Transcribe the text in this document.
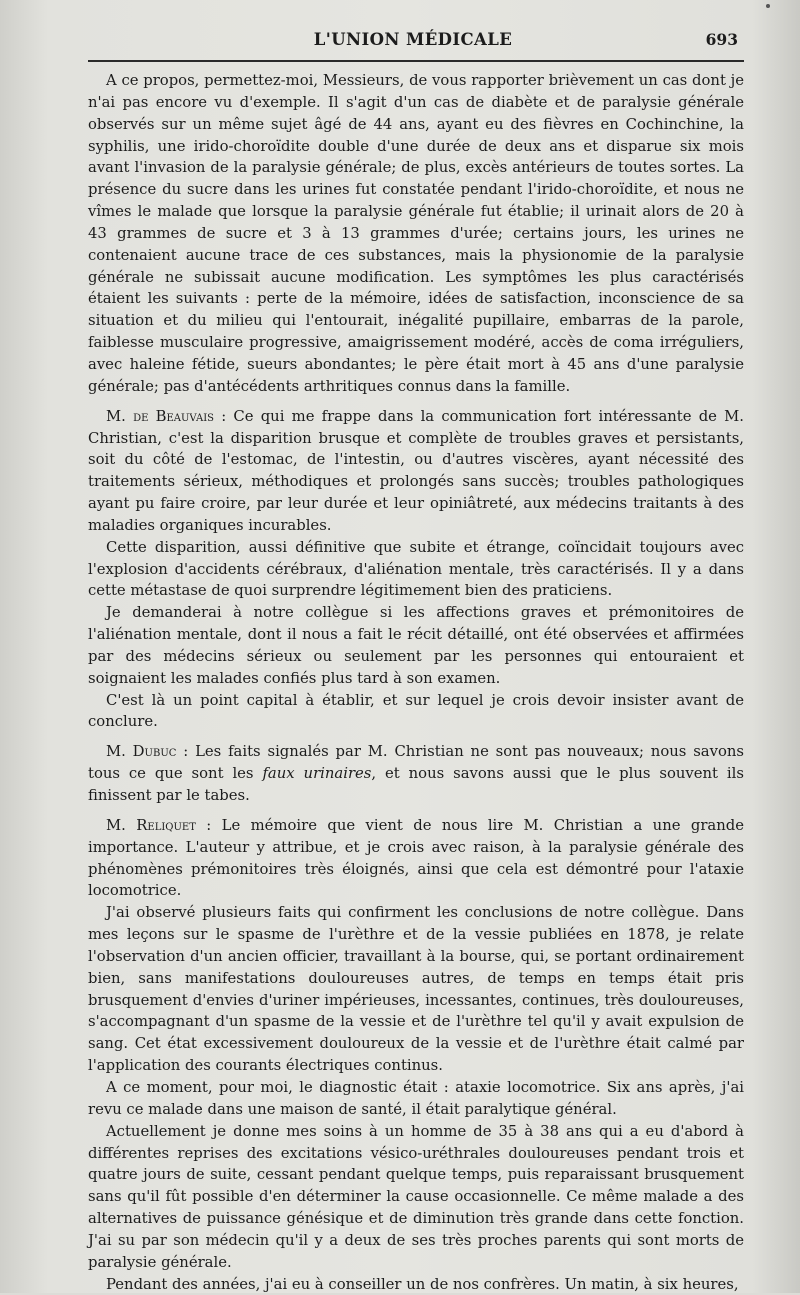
L'UNION MÉDICALE	693

A ce propos, permettez-moi, Messieurs, de vous rapporter brièvement un cas dont je n'ai pas encore vu d'exemple. Il s'agit d'un cas de diabète et de paralysie générale observés sur un même sujet âgé de 44 ans, ayant eu des fièvres en Cochinchine, la syphilis, une irido-choroïdite double d'une durée de deux ans et disparue six mois avant l'invasion de la paralysie générale; de plus, excès antérieurs de toutes sortes. La présence du sucre dans les urines fut constatée pendant l'irido-choroïdite, et nous ne vîmes le malade que lorsque la paralysie générale fut établie; il urinait alors de 20 à 43 grammes de sucre et 3 à 13 grammes d'urée; certains jours, les urines ne contenaient aucune trace de ces substances, mais la physionomie de la paralysie générale ne subissait aucune modification. Les symptômes les plus caractérisés étaient les suivants : perte de la mémoire, idées de satisfaction, inconscience de sa situation et du milieu qui l'entourait, inégalité pupillaire, embarras de la parole, faiblesse musculaire progressive, amaigrissement modéré, accès de coma irréguliers, avec haleine fétide, sueurs abondantes; le père était mort à 45 ans d'une paralysie générale; pas d'antécédents arthritiques connus dans la famille.

M. de Beauvais : Ce qui me frappe dans la communication fort intéressante de M. Christian, c'est la disparition brusque et complète de troubles graves et persistants, soit du côté de l'estomac, de l'intestin, ou d'autres viscères, ayant nécessité des traitements sérieux, méthodiques et prolongés sans succès; troubles pathologiques ayant pu faire croire, par leur durée et leur opiniâtreté, aux médecins traitants à des maladies organiques incurables.

Cette disparition, aussi définitive que subite et étrange, coïncidait toujours avec l'explosion d'accidents cérébraux, d'aliénation mentale, très caractérisés. Il y a dans cette métastase de quoi surprendre légitimement bien des praticiens.

Je demanderai à notre collègue si les affections graves et prémonitoires de l'aliénation mentale, dont il nous a fait le récit détaillé, ont été observées et affirmées par des médecins sérieux ou seulement par les personnes qui entouraient et soignaient les malades confiés plus tard à son examen.

C'est là un point capital à établir, et sur lequel je crois devoir insister avant de conclure.

M. Dubuc : Les faits signalés par M. Christian ne sont pas nouveaux; nous savons tous ce que sont les faux urinaires, et nous savons aussi que le plus souvent ils finissent par le tabes.

M. Reliquet : Le mémoire que vient de nous lire M. Christian a une grande importance. L'auteur y attribue, et je crois avec raison, à la paralysie générale des phénomènes prémonitoires très éloignés, ainsi que cela est démontré pour l'ataxie locomotrice.

J'ai observé plusieurs faits qui confirment les conclusions de notre collègue. Dans mes leçons sur le spasme de l'urèthre et de la vessie publiées en 1878, je relate l'observation d'un ancien officier, travaillant à la bourse, qui, se portant ordinairement bien, sans manifestations douloureuses autres, de temps en temps était pris brusquement d'envies d'uriner impérieuses, incessantes, continues, très douloureuses, s'accompagnant d'un spasme de la vessie et de l'urèthre tel qu'il y avait expulsion de sang. Cet état excessivement douloureux de la vessie et de l'urèthre était calmé par l'application des courants électriques continus.

A ce moment, pour moi, le diagnostic était : ataxie locomotrice. Six ans après, j'ai revu ce malade dans une maison de santé, il était paralytique général.

Actuellement je donne mes soins à un homme de 35 à 38 ans qui a eu d'abord à différentes reprises des excitations vésico-uréthrales douloureuses pendant trois et quatre jours de suite, cessant pendant quelque temps, puis reparaissant brusquement sans qu'il fût possible d'en déterminer la cause occasionnelle. Ce même malade a des alternatives de puissance génésique et de diminution très grande dans cette fonction. J'ai su par son médecin qu'il y a deux de ses très proches parents qui sont morts de paralysie générale.

Pendant des années, j'ai eu à conseiller un de nos confrères. Un matin, à six heures,
